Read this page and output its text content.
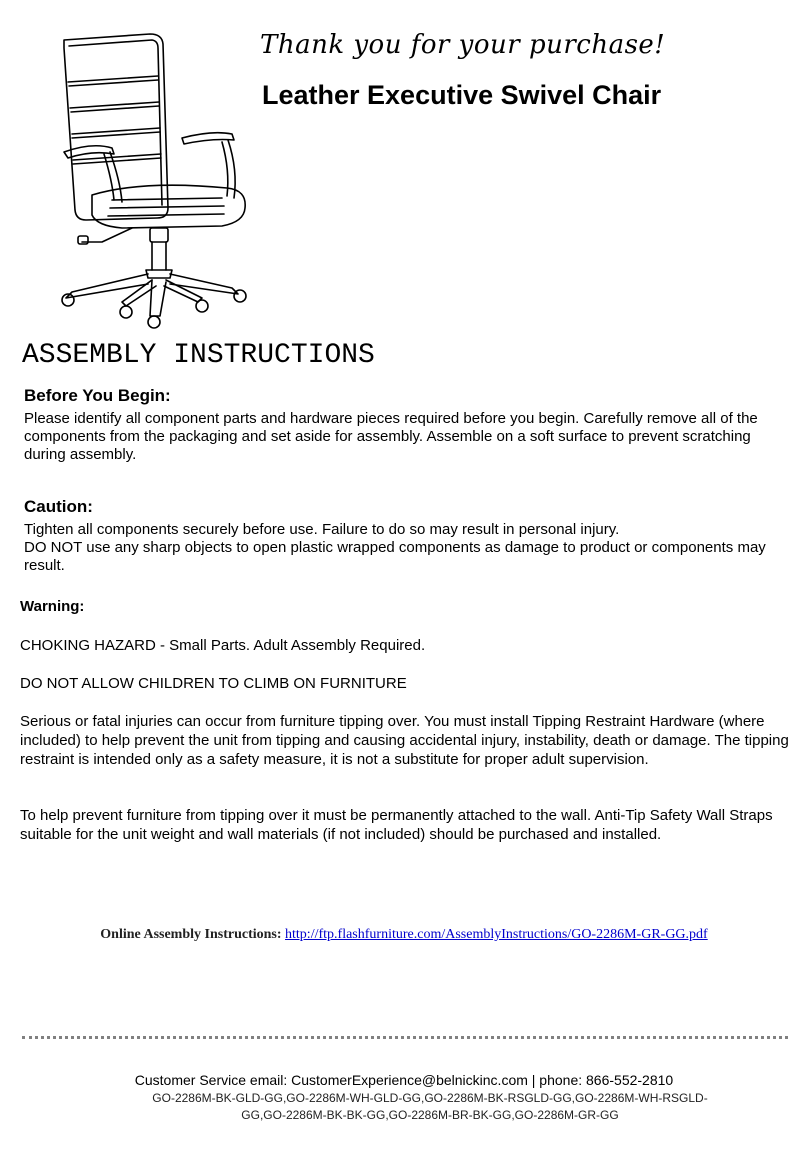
Thank you for your purchase!
Leather Executive Swivel Chair
ASSEMBLY INSTRUCTIONS
Before You Begin:
Please identify all component parts and hardware pieces required before you begin. Carefully remove all of the components from the packaging and set aside for assembly. Assemble on a soft surface to prevent scratching during assembly.
Caution:
Tighten all components securely before use. Failure to do so may result in personal injury.
DO NOT use any sharp objects to open plastic wrapped components as damage to product or components may result.
Warning:
CHOKING HAZARD - Small Parts. Adult Assembly Required.
DO NOT ALLOW CHILDREN TO CLIMB ON FURNITURE
Serious or fatal injuries can occur from furniture tipping over. You must install Tipping Restraint Hardware (where included) to help prevent the unit from tipping and causing accidental injury, instability, death or damage. The tipping restraint is intended only as a safety measure, it is not a substitute for proper adult supervision.
To help prevent furniture from tipping over it must be permanently attached to the wall. Anti-Tip Safety Wall Straps suitable for the unit weight and wall materials (if not included) should be purchased and installed.
Online Assembly Instructions: http://ftp.flashfurniture.com/AssemblyInstructions/GO-2286M-GR-GG.pdf
Customer Service email: CustomerExperience@belnickinc.com | phone: 866-552-2810
GO-2286M-BK-GLD-GG,GO-2286M-WH-GLD-GG,GO-2286M-BK-RSGLD-GG,GO-2286M-WH-RSGLD-GG,GO-2286M-BK-BK-GG,GO-2286M-BR-BK-GG,GO-2286M-GR-GG
